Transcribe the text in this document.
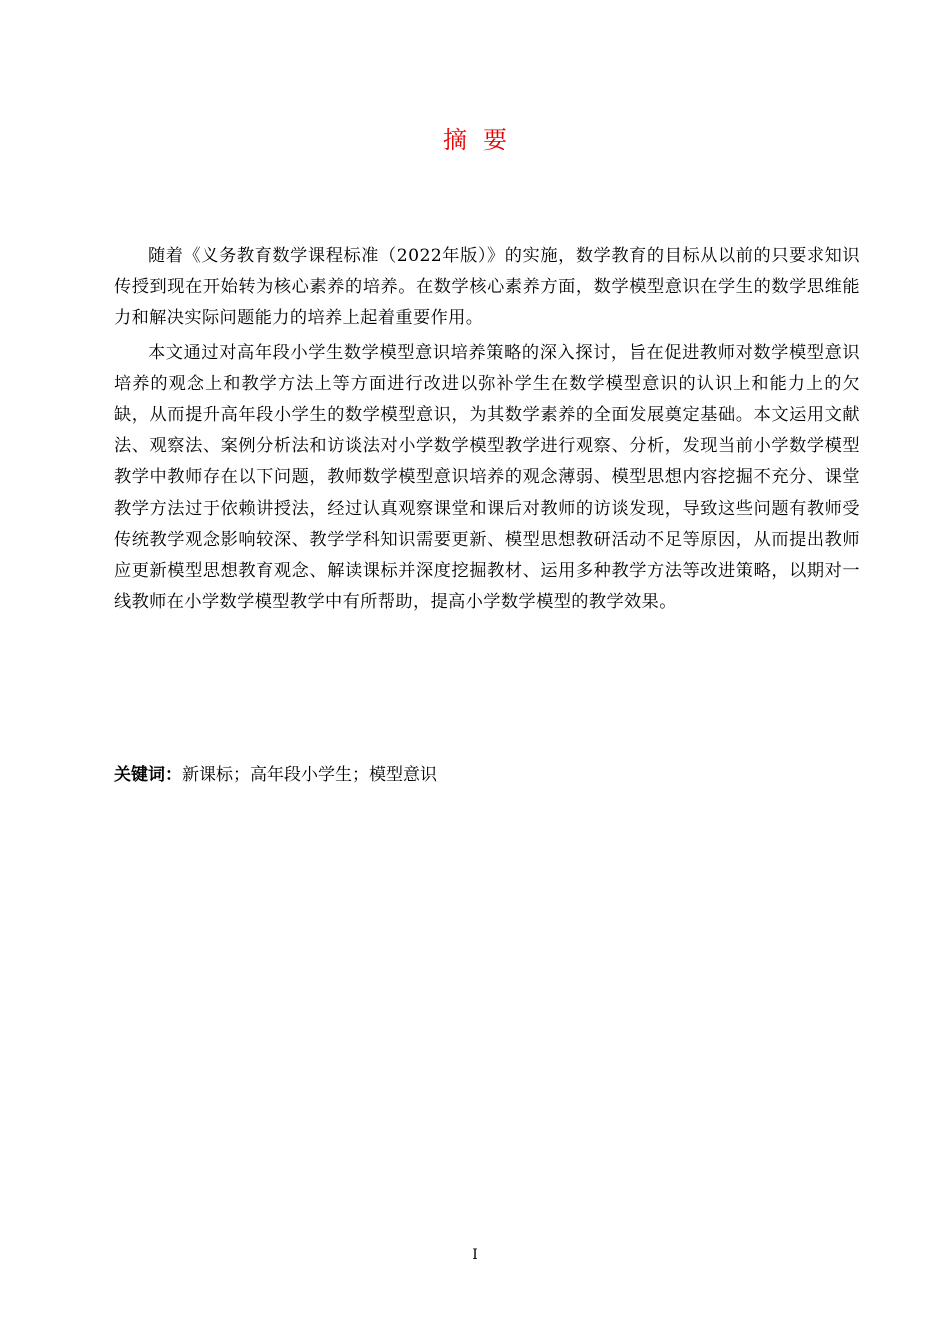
摘要

随着《义务教育数学课程标准（2022年版）》的实施，数学教育的目标从以前的只要求知识传授到现在开始转为核心素养的培养。在数学核心素养方面，数学模型意识在学生的数学思维能力和解决实际问题能力的培养上起着重要作用。

本文通过对高年段小学生数学模型意识培养策略的深入探讨，旨在促进教师对数学模型意识培养的观念上和教学方法上等方面进行改进以弥补学生在数学模型意识的认识上和能力上的欠缺，从而提升高年段小学生的数学模型意识，为其数学素养的全面发展奠定基础。本文运用文献法、观察法、案例分析法和访谈法对小学数学模型教学进行观察、分析，发现当前小学数学模型教学中教师存在以下问题，教师数学模型意识培养的观念薄弱、模型思想内容挖掘不充分、课堂教学方法过于依赖讲授法，经过认真观察课堂和课后对教师的访谈发现，导致这些问题有教师受传统教学观念影响较深、教学学科知识需要更新、模型思想教研活动不足等原因，从而提出教师应更新模型思想教育观念、解读课标并深度挖掘教材、运用多种教学方法等改进策略，以期对一线教师在小学数学模型教学中有所帮助，提高小学数学模型的教学效果。

关键词：新课标；高年段小学生；模型意识
I
